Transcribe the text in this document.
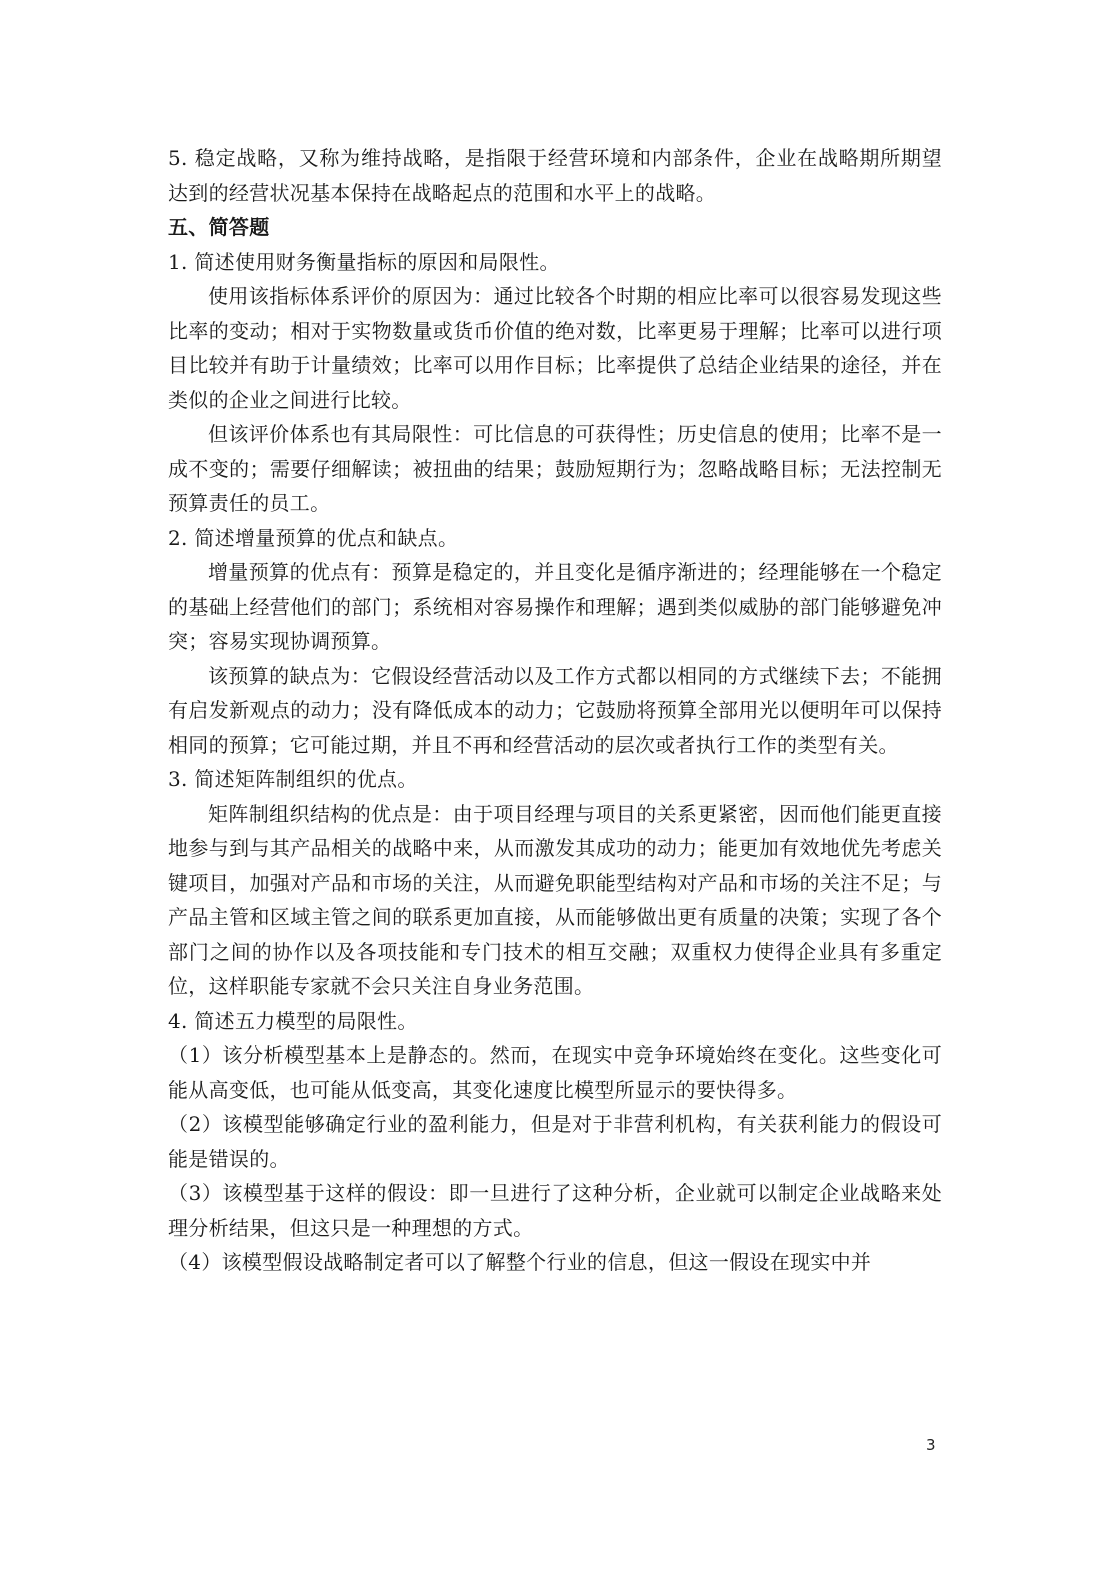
5. 稳定战略，又称为维持战略，是指限于经营环境和内部条件，企业在战略期所期望达到的经营状况基本保持在战略起点的范围和水平上的战略。

五、简答题

1. 简述使用财务衡量指标的原因和局限性。

使用该指标体系评价的原因为：通过比较各个时期的相应比率可以很容易发现这些比率的变动；相对于实物数量或货币价值的绝对数，比率更易于理解；比率可以进行项目比较并有助于计量绩效；比率可以用作目标；比率提供了总结企业结果的途径，并在类似的企业之间进行比较。

但该评价体系也有其局限性：可比信息的可获得性；历史信息的使用；比率不是一成不变的；需要仔细解读；被扭曲的结果；鼓励短期行为；忽略战略目标；无法控制无预算责任的员工。

2. 简述增量预算的优点和缺点。

增量预算的优点有：预算是稳定的，并且变化是循序渐进的；经理能够在一个稳定的基础上经营他们的部门；系统相对容易操作和理解；遇到类似威胁的部门能够避免冲突；容易实现协调预算。

该预算的缺点为：它假设经营活动以及工作方式都以相同的方式继续下去；不能拥有启发新观点的动力；没有降低成本的动力；它鼓励将预算全部用光以便明年可以保持相同的预算；它可能过期，并且不再和经营活动的层次或者执行工作的类型有关。

3. 简述矩阵制组织的优点。

矩阵制组织结构的优点是：由于项目经理与项目的关系更紧密，因而他们能更直接地参与到与其产品相关的战略中来，从而激发其成功的动力；能更加有效地优先考虑关键项目，加强对产品和市场的关注，从而避免职能型结构对产品和市场的关注不足；与产品主管和区域主管之间的联系更加直接，从而能够做出更有质量的决策；实现了各个部门之间的协作以及各项技能和专门技术的相互交融；双重权力使得企业具有多重定位，这样职能专家就不会只关注自身业务范围。

4. 简述五力模型的局限性。

（1）该分析模型基本上是静态的。然而，在现实中竞争环境始终在变化。这些变化可能从高变低，也可能从低变高，其变化速度比模型所显示的要快得多。

（2）该模型能够确定行业的盈利能力，但是对于非营利机构，有关获利能力的假设可能是错误的。

（3）该模型基于这样的假设：即一旦进行了这种分析，企业就可以制定企业战略来处理分析结果，但这只是一种理想的方式。

（4）该模型假设战略制定者可以了解整个行业的信息，但这一假设在现实中并

3
